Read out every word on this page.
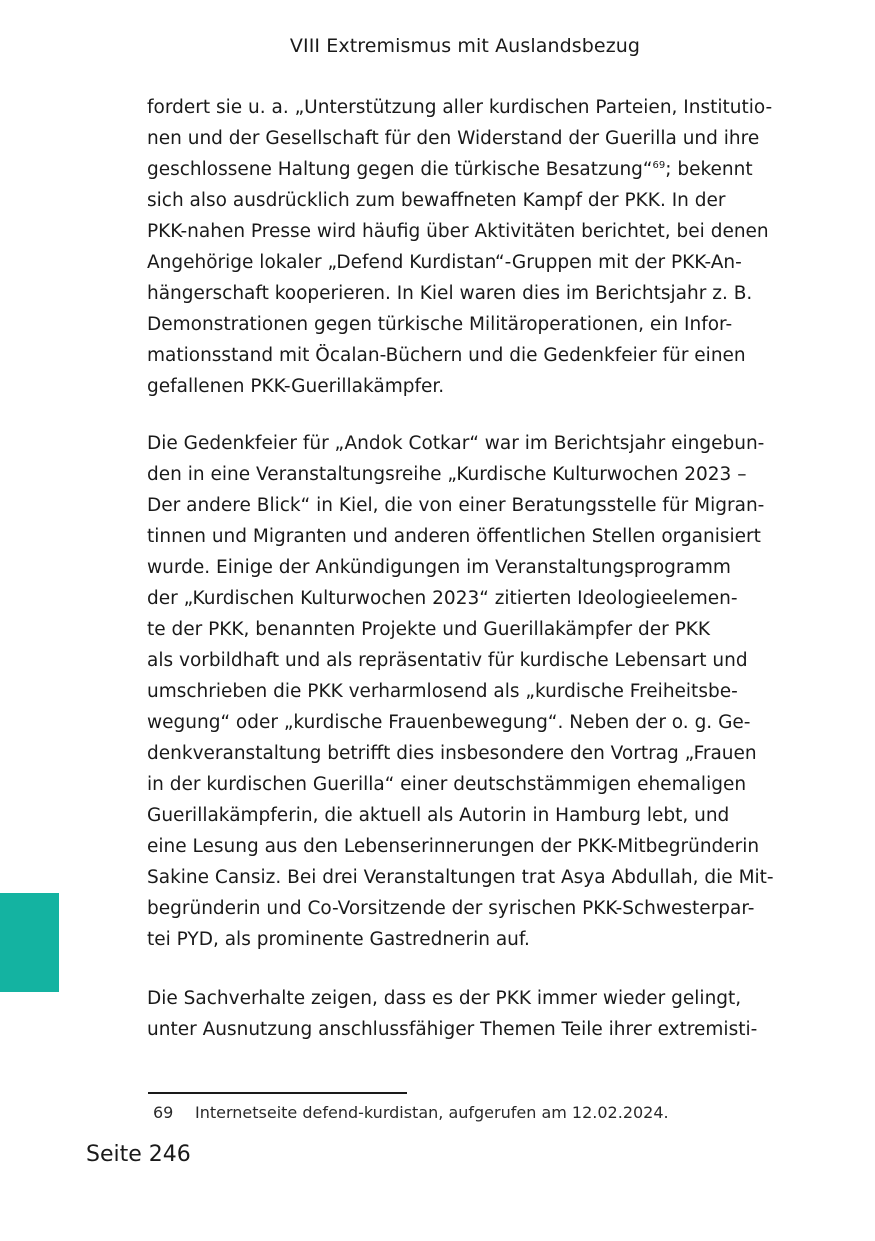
VIII Extremismus mit Auslandsbezug
fordert sie u. a. „Unterstützung aller kurdischen Parteien, Institutio-
nen und der Gesellschaft für den Widerstand der Guerilla und ihre
geschlossene Haltung gegen die türkische Besatzung“$^{69}$; bekennt
sich also ausdrücklich zum bewaffneten Kampf der PKK. In der
PKK-nahen Presse wird häufig über Aktivitäten berichtet, bei denen
Angehörige lokaler „Defend Kurdistan“-Gruppen mit der PKK-An-
hängerschaft kooperieren. In Kiel waren dies im Berichtsjahr z. B.
Demonstrationen gegen türkische Militäroperationen, ein Infor-
mationsstand mit Öcalan-Büchern und die Gedenkfeier für einen
gefallenen PKK-Guerillakämpfer.
Die Gedenkfeier für „Andok Cotkar“ war im Berichtsjahr eingebun-
den in eine Veranstaltungsreihe „Kurdische Kulturwochen 2023 –
Der andere Blick“ in Kiel, die von einer Beratungsstelle für Migran-
tinnen und Migranten und anderen öffentlichen Stellen organisiert
wurde. Einige der Ankündigungen im Veranstaltungsprogramm
der „Kurdischen Kulturwochen 2023“ zitierten Ideologieelemen-
te der PKK, benannten Projekte und Guerillakämpfer der PKK
als vorbildhaft und als repräsentativ für kurdische Lebensart und
umschrieben die PKK verharmlosend als „kurdische Freiheitsbe-
wegung“ oder „kurdische Frauenbewegung“. Neben der o. g. Ge-
denkveranstaltung betrifft dies insbesondere den Vortrag „Frauen
in der kurdischen Guerilla“ einer deutschstämmigen ehemaligen
Guerillakämpferin, die aktuell als Autorin in Hamburg lebt, und
eine Lesung aus den Lebenserinnerungen der PKK-Mitbegründerin
Sakine Cansiz. Bei drei Veranstaltungen trat Asya Abdullah, die Mit-
begründerin und Co-Vorsitzende der syrischen PKK-Schwesterpar-
tei PYD, als prominente Gastrednerin auf.
Die Sachverhalte zeigen, dass es der PKK immer wieder gelingt,
unter Ausnutzung anschlussfähiger Themen Teile ihrer extremisti-
69 Internetseite defend-kurdistan, aufgerufen am 12.02.2024.
Seite 246
